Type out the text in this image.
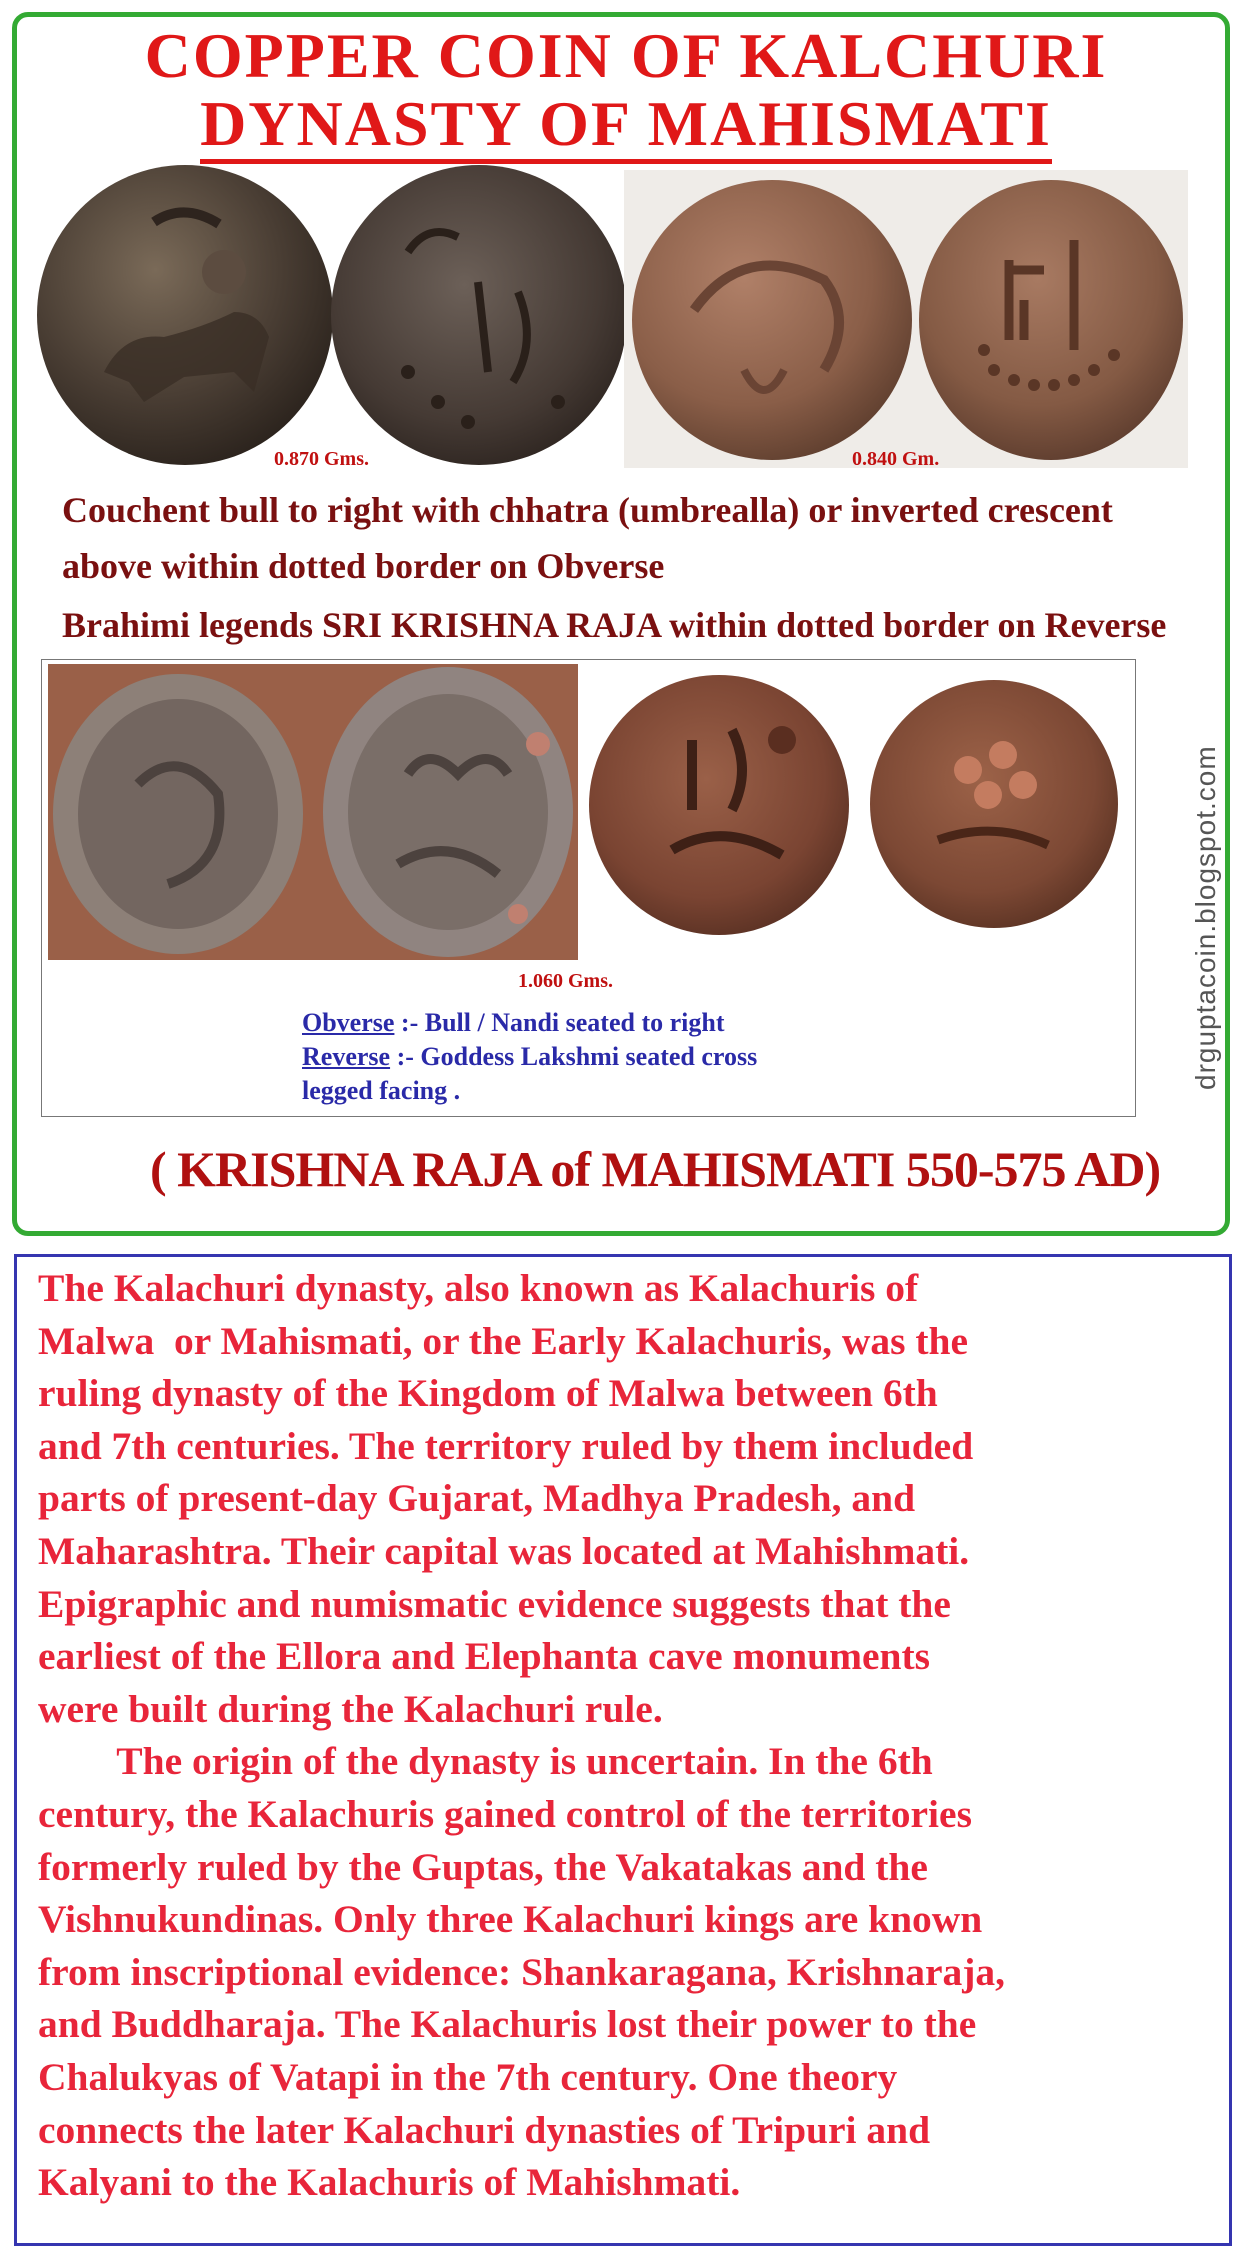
COPPER COIN OF KALCHURI
DYNASTY OF MAHISMATI
0.870 Gms.	0.840 Gm.
Couchent bull to right with chhatra (umbrealla) or inverted crescent
above within dotted border on Obverse
Brahimi legends SRI KRISHNA RAJA within dotted border on Reverse
1.060 Gms.
Obverse :- Bull / Nandi seated to right
Reverse :- Goddess Lakshmi seated cross
legged facing .
( KRISHNA RAJA of MAHISMATI 550-575 AD)
drguptacoin.blogspot.com
The Kalachuri dynasty, also known as Kalachuris of
Malwa  or Mahismati, or the Early Kalachuris, was the
ruling dynasty of the Kingdom of Malwa between 6th
and 7th centuries. The territory ruled by them included
parts of present-day Gujarat, Madhya Pradesh, and
Maharashtra. Their capital was located at Mahishmati.
Epigraphic and numismatic evidence suggests that the
earliest of the Ellora and Elephanta cave monuments
were built during the Kalachuri rule.
The origin of the dynasty is uncertain. In the 6th
century, the Kalachuris gained control of the territories
formerly ruled by the Guptas, the Vakatakas and the
Vishnukundinas. Only three Kalachuri kings are known
from inscriptional evidence: Shankaragana, Krishnaraja,
and Buddharaja. The Kalachuris lost their power to the
Chalukyas of Vatapi in the 7th century. One theory
connects the later Kalachuri dynasties of Tripuri and
Kalyani to the Kalachuris of Mahishmati.
